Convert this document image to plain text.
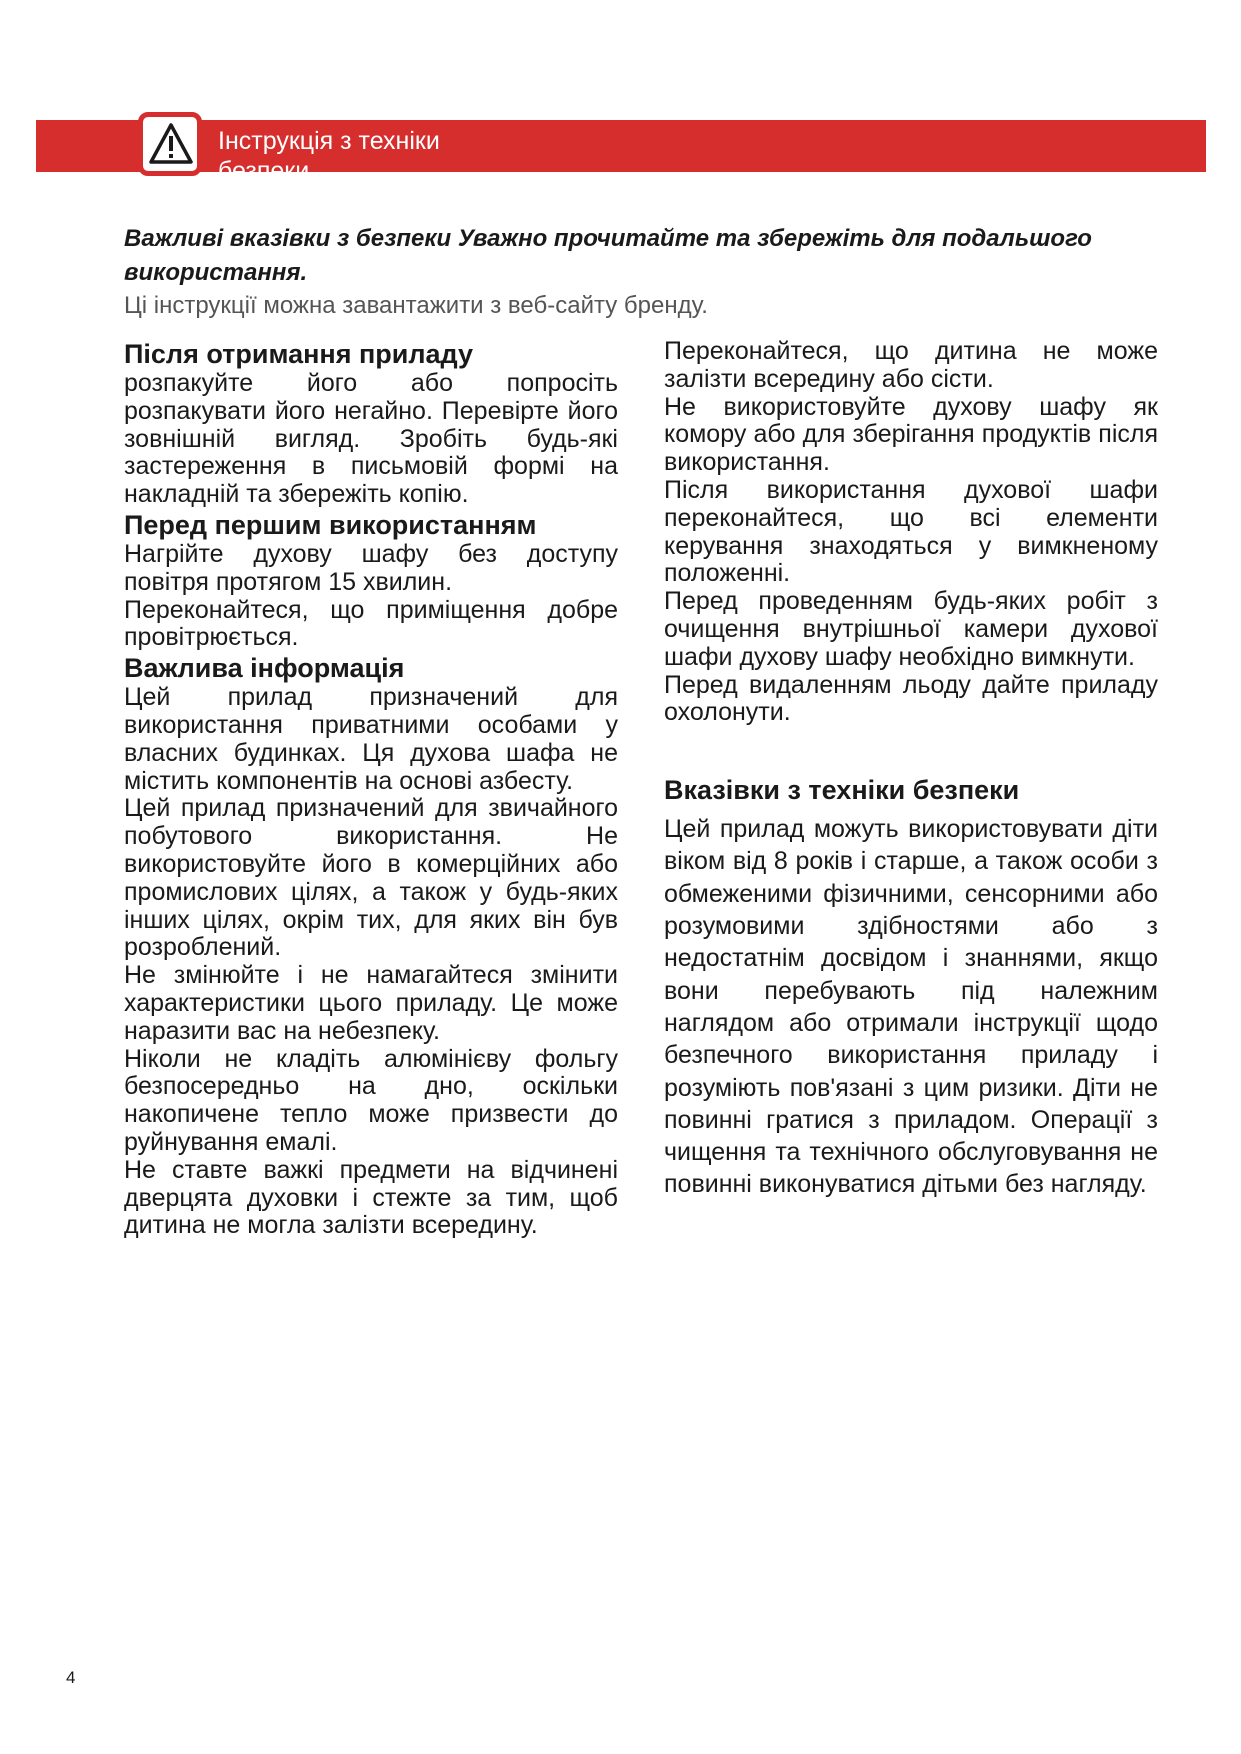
Інструкція з техніки безпеки
Важливі вказівки з безпеки Уважно прочитайте та збережіть для подальшого використання.
Ці інструкції можна завантажити з веб-сайту бренду.
Після отримання приладу

розпакуйте його або попросіть розпакувати його негайно. Перевірте його зовнішній вигляд. Зробіть будь-які застереження в письмовій формі на накладній та збережіть копію.

Перед першим використанням

Нагрійте духову шафу без доступу повітря протягом 15 хвилин.

Переконайтеся, що приміщення добре провітрюється.

Важлива інформація

Цей прилад призначений для використання приватними особами у власних будинках. Ця духова шафа не містить компонентів на основі азбесту.

Цей прилад призначений для звичайного побутового використання. Не використовуйте його в комерційних або промислових цілях, а також у будь-яких інших цілях, окрім тих, для яких він був розроблений.

Не змінюйте і не намагайтеся змінити характеристики цього приладу. Це може наразити вас на небезпеку.

Ніколи не кладіть алюмінієву фольгу безпосередньо на дно, оскільки накопичене тепло може призвести до руйнування емалі.

Не ставте важкі предмети на відчинені дверцята духовки і стежте за тим, щоб дитина не могла залізти всередину.

Переконайтеся, що дитина не може залізти всередину або сісти.

Не використовуйте духову шафу як комору або для зберігання продуктів після використання.

Після використання духової шафи переконайтеся, що всі елементи керування знаходяться у вимкненому положенні.

Перед проведенням будь-яких робіт з очищення внутрішньої камери духової шафи духову шафу необхідно вимкнути.

Перед видаленням льоду дайте приладу охолонути.

Вказівки з техніки безпеки

Цей прилад можуть використовувати діти віком від 8 років і старше, а також особи з обмеженими фізичними, сенсорними або розумовими здібностями або з недостатнім досвідом і знаннями, якщо вони перебувають під належним наглядом або отримали інструкції щодо безпечного використання приладу і розуміють пов'язані з цим ризики. Діти не повинні гратися з приладом. Операції з чищення та технічного обслуговування не повинні виконуватися дітьми без нагляду.

4
